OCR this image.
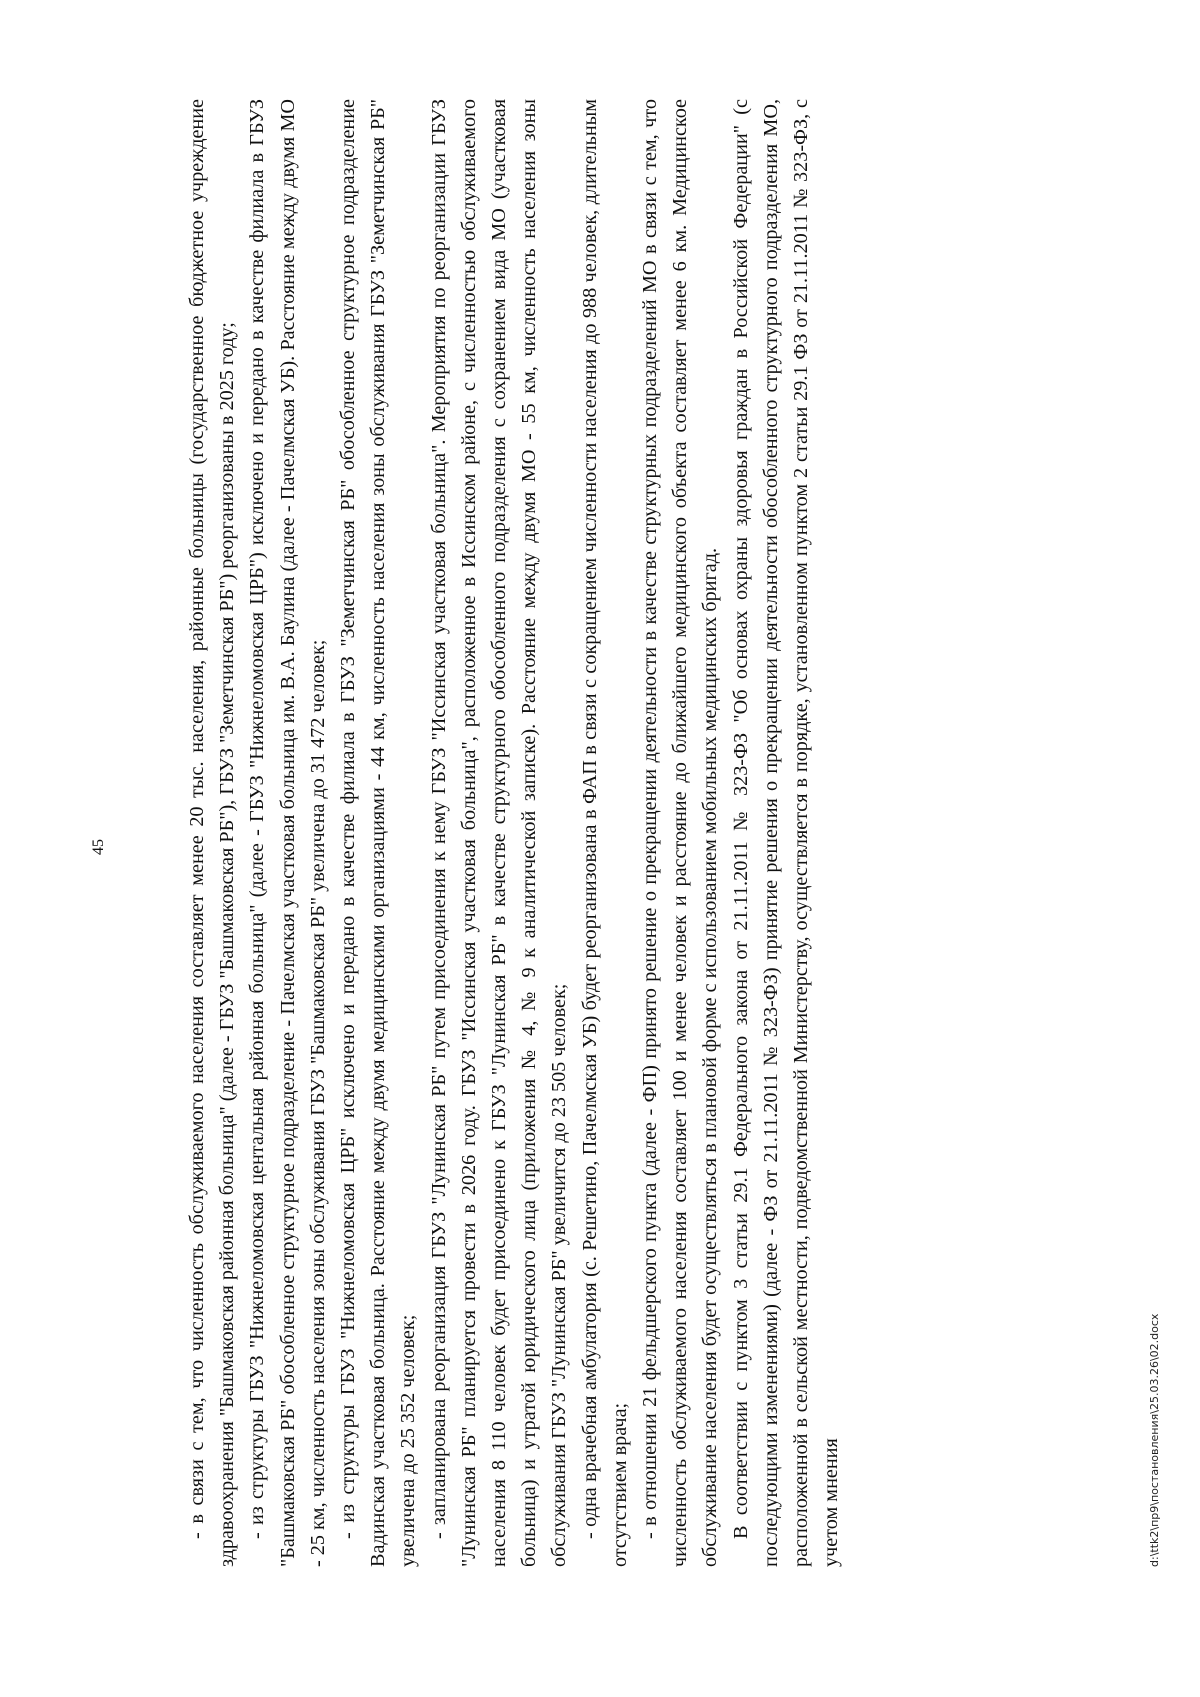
45	- в связи с тем, что численность обслуживаемого населения составляет менее 20 тыс. населения, районные больницы (государственное бюджетное учреждение здравоохранения "Башмаковская районная больница" (далее - ГБУЗ "Башмаковская РБ"), ГБУЗ "Земетчинская РБ") реорганизованы в 2025 году; - из структуры ГБУЗ "Нижнеломовская центальная районная больница" (далее - ГБУЗ "Нижнеломовская ЦРБ") исключено и передано в качестве филиала в ГБУЗ "Башмаковская РБ" обособленное структурное подразделение - Пачелмская участковая больница им. В.А. Баулина (далее - Пачелмская УБ). Расстояние между двумя МО - 25 км, численность населения зоны обслуживания ГБУЗ "Башмаковская РБ" увеличена до 31 472 человек; - из структуры ГБУЗ "Нижнеломовская ЦРБ" исключено и передано в качестве филиала в ГБУЗ "Земетчинская РБ" обособленное структурное подразделение Вадинская участковая больница. Расстояние между двумя медицинскими организациями - 44 км, численность населения зоны обслуживания ГБУЗ "Земетчинская РБ" увеличена до 25 352 человек; - запланирована реорганизация ГБУЗ "Лунинская РБ" путем присоединения к нему ГБУЗ "Иссинская участковая больница". Мероприятия по реорганизации ГБУЗ "Лунинская РБ" планируется провести в 2026 году. ГБУЗ "Иссинская участковая больница", расположенное в Иссинском районе, с численностью обслуживаемого населения 8 110 человек будет присоединено к ГБУЗ "Лунинская РБ" в качестве структурного обособленного подразделения с сохранением вида МО (участковая больница) и утратой юридического лица (приложения № 4, № 9 к аналитической записке). Расстояние между двумя МО - 55 км, численность населения зоны обслуживания ГБУЗ "Лунинская РБ" увеличится до 23 505 человек; - одна врачебная амбулатория (с. Решетино, Пачелмская УБ) будет реорганизована в ФАП в связи с сокращением численности населения до 988 человек, длительным отсутствием врача; - в отношении 21 фельдшерского пункта (далее - ФП) принято решение о прекращении деятельности в качестве структурных подразделений МО в связи с тем, что численность обслуживаемого населения составляет 100 и менее человек и расстояние до ближайшего медицинского объекта составляет менее 6 км. Медицинское обслуживание населения будет осуществляться в плановой форме с использованием мобильных медицинских бригад. В соответствии с пунктом 3 статьи 29.1 Федерального закона от 21.11.2011 № 323-ФЗ "Об основах охраны здоровья граждан в Российской Федерации" (с последующими изменениями) (далее - ФЗ от 21.11.2011 № 323-ФЗ) принятие решения о прекращении деятельности обособленного структурного подразделения МО, расположенной в сельской местности, подведомственной Министерству, осуществляется в порядке, установленном пунктом 2 статьи 29.1 ФЗ от 21.11.2011 № 323-ФЗ, с учетом мнения	d:\ttk2\пр9\постановления\25.03.26\02.docx
